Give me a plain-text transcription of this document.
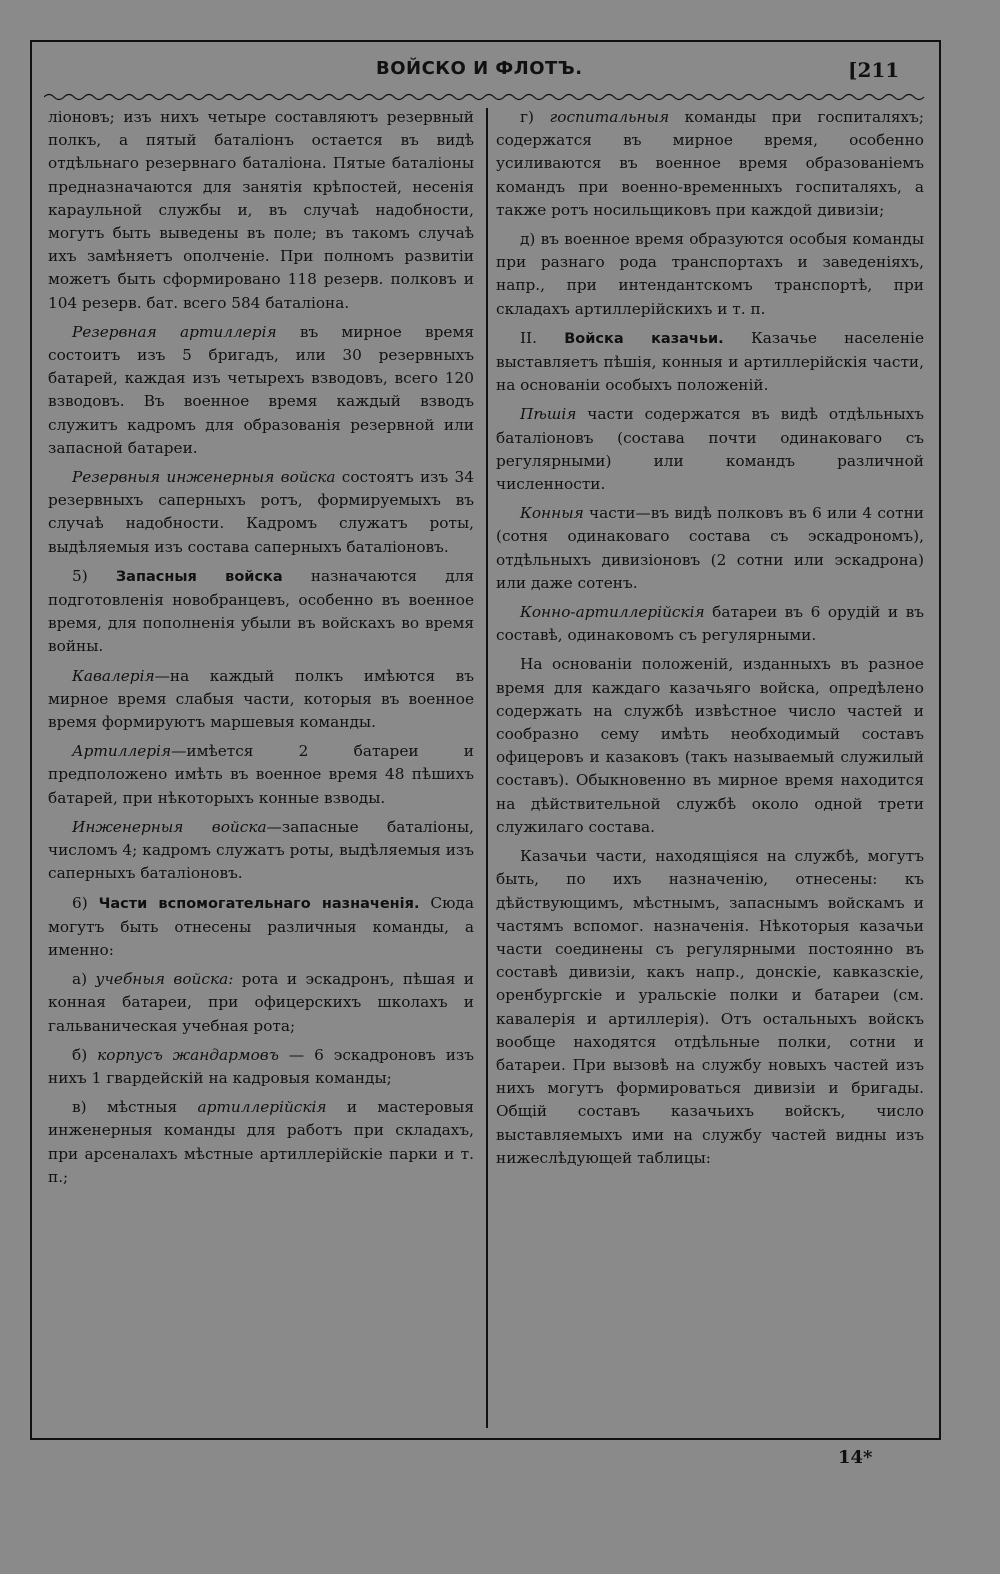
ВОЙСКО И ФЛОТЪ.	[211

ліоновъ; изъ нихъ четыре составляютъ резервный полкъ, а пятый баталіонъ остается въ видѣ отдѣльнаго резервнаго баталіона. Пятые баталіоны предназначаются для занятія крѣпостей, несенія караульной службы и, въ случаѣ надобности, могутъ быть выведены въ поле; въ такомъ случаѣ ихъ замѣняетъ ополченіе. При полномъ развитіи можетъ быть сформировано 118 резерв. полковъ и 104 резерв. бат. всего 584 баталіона.

Резервная артиллерія въ мирное время состоитъ изъ 5 бригадъ, или 30 резервныхъ батарей, каждая изъ четырехъ взводовъ, всего 120 взводовъ. Въ военное время каждый взводъ служитъ кадромъ для образованія резервной или запасной батареи.

Резервныя инженерныя войска состоятъ изъ 34 резервныхъ саперныхъ ротъ, формируемыхъ въ случаѣ надобности. Кадромъ служатъ роты, выдѣляемыя изъ состава саперныхъ баталіоновъ.

5) Запасныя войска назначаются для подготовленія новобранцевъ, особенно въ военное время, для пополненія убыли въ войскахъ во время войны.

Кавалерія—на каждый полкъ имѣются въ мирное время слабыя части, которыя въ военное время формируютъ маршевыя команды.

Артиллерія—имѣется 2 батареи и предположено имѣть въ военное время 48 пѣшихъ батарей, при нѣкоторыхъ конные взводы.

Инженерныя войска—запасные баталіоны, числомъ 4; кадромъ служатъ роты, выдѣляемыя изъ саперныхъ баталіоновъ.

6) Части вспомогательнаго назначенія. Сюда могутъ быть отнесены различныя команды, а именно:

а) учебныя войска: рота и эскадронъ, пѣшая и конная батареи, при офицерскихъ школахъ и гальваническая учебная рота;

б) корпусъ жандармовъ — 6 эскадроновъ изъ нихъ 1 гвардейскій на кадровыя команды;

в) мѣстныя артиллерійскія и мастеровыя инженерныя команды для работъ при складахъ, при арсеналахъ мѣстные артиллерійскіе парки и т. п.;

г) госпитальныя команды при госпиталяхъ; содержатся въ мирное время, особенно усиливаются въ военное время образованіемъ командъ при военно-временныхъ госпиталяхъ, а также ротъ носильщиковъ при каждой дивизіи;

д) въ военное время образуются особыя команды при разнаго рода транспортахъ и заведеніяхъ, напр., при интендантскомъ транспортѣ, при складахъ артиллерійскихъ и т. п.

II. Войска казачьи. Казачье населеніе выставляетъ пѣшія, конныя и артиллерійскія части, на основаніи особыхъ положеній.

Пѣшія части содержатся въ видѣ отдѣльныхъ баталіоновъ (состава почти одинаковаго съ регулярными) или командъ различной численности.

Конныя части—въ видѣ полковъ въ 6 или 4 сотни (сотня одинаковаго состава съ эскадрономъ), отдѣльныхъ дивизіоновъ (2 сотни или эскадрона) или даже сотенъ.

Конно-артиллерійскія батареи въ 6 орудій и въ составѣ, одинаковомъ съ регулярными.

На основаніи положеній, изданныхъ въ разное время для каждаго казачьяго войска, опредѣлено содержать на службѣ извѣстное число частей и сообразно сему имѣть необходимый составъ офицеровъ и казаковъ (такъ называемый служилый составъ). Обыкновенно въ мирное время находится на дѣйствительной службѣ около одной трети служилаго состава.

Казачьи части, находящіяся на службѣ, могутъ быть, по ихъ назначенію, отнесены: къ дѣйствующимъ, мѣстнымъ, запаснымъ войскамъ и частямъ вспомог. назначенія. Нѣкоторыя казачьи части соединены съ регулярными постоянно въ составѣ дивизіи, какъ напр., донскіе, кавказскіе, оренбургскіе и уральскіе полки и батареи (см. кавалерія и артиллерія). Отъ остальныхъ войскъ вообще находятся отдѣльные полки, сотни и батареи. При вызовѣ на службу новыхъ частей изъ нихъ могутъ формироваться дивизіи и бригады. Общій составъ казачьихъ войскъ, число выставляемыхъ ими на службу частей видны изъ нижеслѣдующей таблицы:

14*
